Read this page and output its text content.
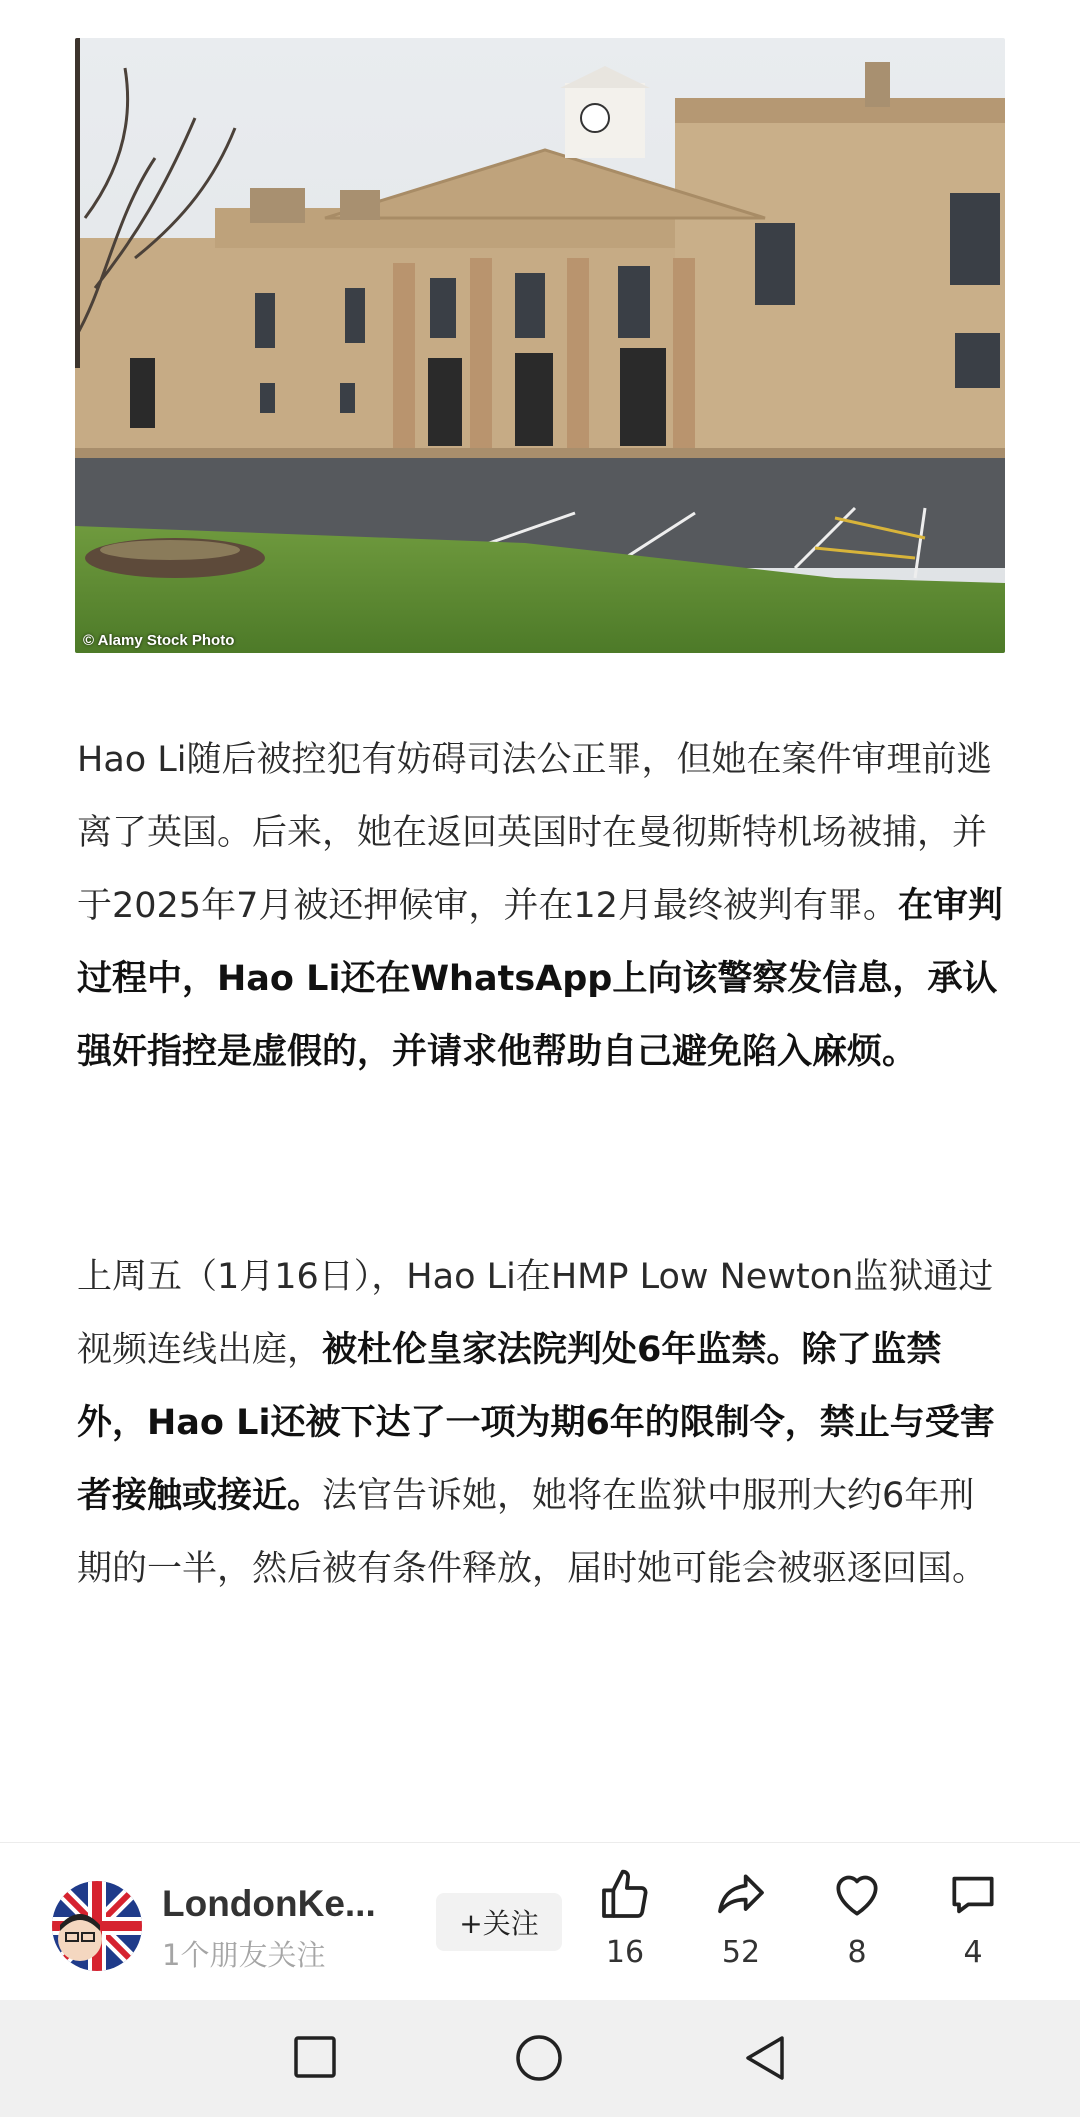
© Alamy Stock Photo

Hao Li随后被控犯有妨碍司法公正罪，但她在案件审理前逃离了英国。后来，她在返回英国时在曼彻斯特机场被捕，并于2025年7月被还押候审，并在12月最终被判有罪。在审判过程中，Hao Li还在WhatsApp上向该警察发信息，承认强奸指控是虚假的，并请求他帮助自己避免陷入麻烦。

上周五（1月16日），Hao Li在HMP Low Newton监狱通过视频连线出庭，被杜伦皇家法院判处6年监禁。除了监禁外，Hao Li还被下达了一项为期6年的限制令，禁止与受害者接触或接近。法官告诉她，她将在监狱中服刑大约6年刑期的一半，然后被有条件释放，届时她可能会被驱逐回国。

LondonKe...
1个朋友关注
+关注
16	52	8	4
